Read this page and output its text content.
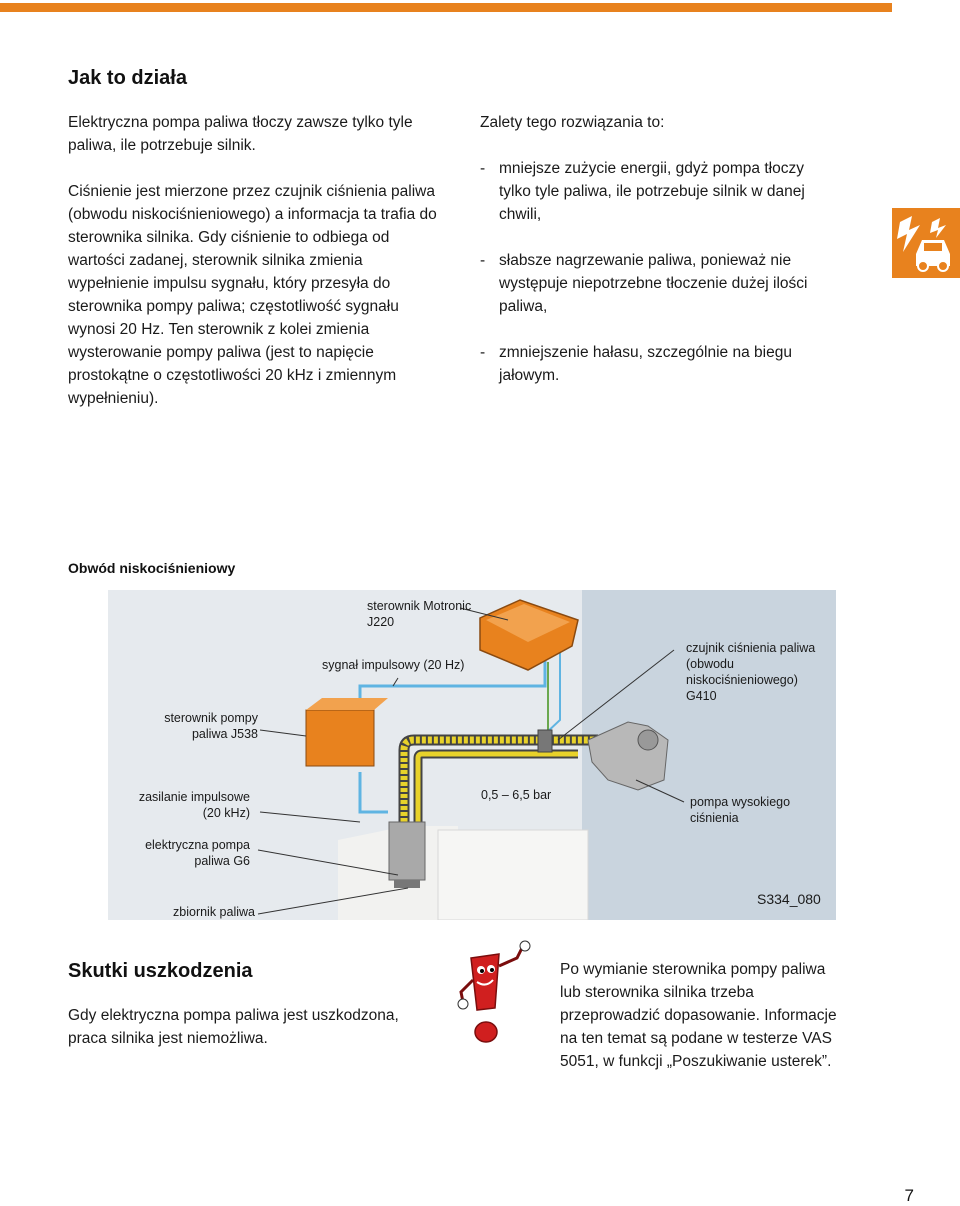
Jak to działa

Elektryczna pompa paliwa tłoczy zawsze tylko tyle paliwa, ile potrzebuje silnik.

Ciśnienie jest mierzone przez czujnik ciśnienia paliwa (obwodu niskociśnieniowego) a informacja ta trafia do sterownika silnika. Gdy ciśnienie to odbiega od wartości zadanej, sterownik silnika zmienia wypełnienie impulsu sygnału, który przesyła do sterownika pompy paliwa; częstotliwość sygnału wynosi 20 Hz. Ten sterownik z kolei zmienia wysterowanie pompy paliwa (jest to napięcie prostokątne o częstotliwości 20 kHz i zmiennym wypełnieniu).

Zalety tego rozwiązania to:

- mniejsze zużycie energii, gdyż pompa tłoczy tylko tyle paliwa, ile potrzebuje silnik w danej chwili,
- słabsze nagrzewanie paliwa, ponieważ nie występuje niepotrzebne tłoczenie dużej ilości paliwa,
- zmniejszenie hałasu, szczególnie na biegu jałowym.
Obwód niskociśnieniowy
sterownik Motronic J220
sygnał impulsowy (20 Hz)
czujnik ciśnienia paliwa (obwodu niskociśnieniowego) G410
sterownik pompy paliwa J538
zasilanie impulsowe (20 kHz)
0,5 – 6,5 bar	pompa wysokiego ciśnienia
elektryczna pompa paliwa G6
zbiornik paliwa
S334_080
Skutki uszkodzenia

Gdy elektryczna pompa paliwa jest uszkodzona, praca silnika jest niemożliwa.

Po wymianie sterownika pompy paliwa lub sterownika silnika trzeba przeprowadzić dopasowanie. Informacje na ten temat są podane w testerze VAS 5051, w funkcji „Poszukiwanie usterek”.

7
